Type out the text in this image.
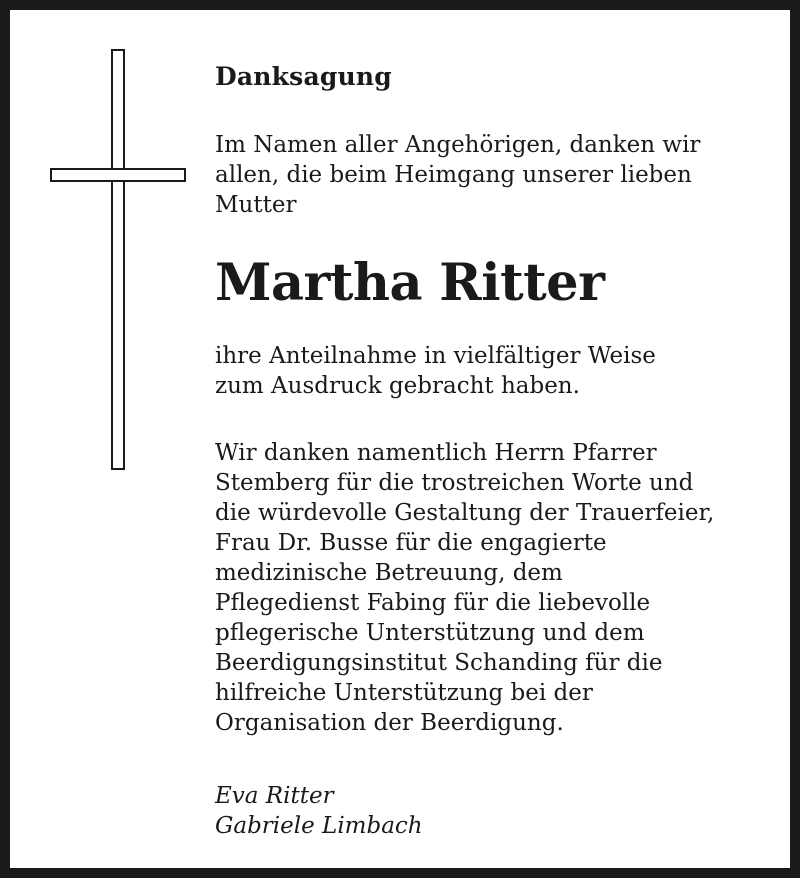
Danksagung
Im Namen aller Angehörigen, danken wir
allen, die beim Heimgang unserer lieben
Mutter
Martha Ritter
ihre Anteilnahme in vielfältiger Weise
zum Ausdruck gebracht haben.
Wir danken namentlich Herrn Pfarrer
Stemberg für die trostreichen Worte und
die würdevolle Gestaltung der Trauerfeier,
Frau Dr. Busse für die engagierte
medizinische Betreuung, dem
Pflegedienst Fabing für die liebevolle
pflegerische Unterstützung und dem
Beerdigungsinstitut Schanding für die
hilfreiche Unterstützung bei der
Organisation der Beerdigung.
Eva Ritter
Gabriele Limbach
